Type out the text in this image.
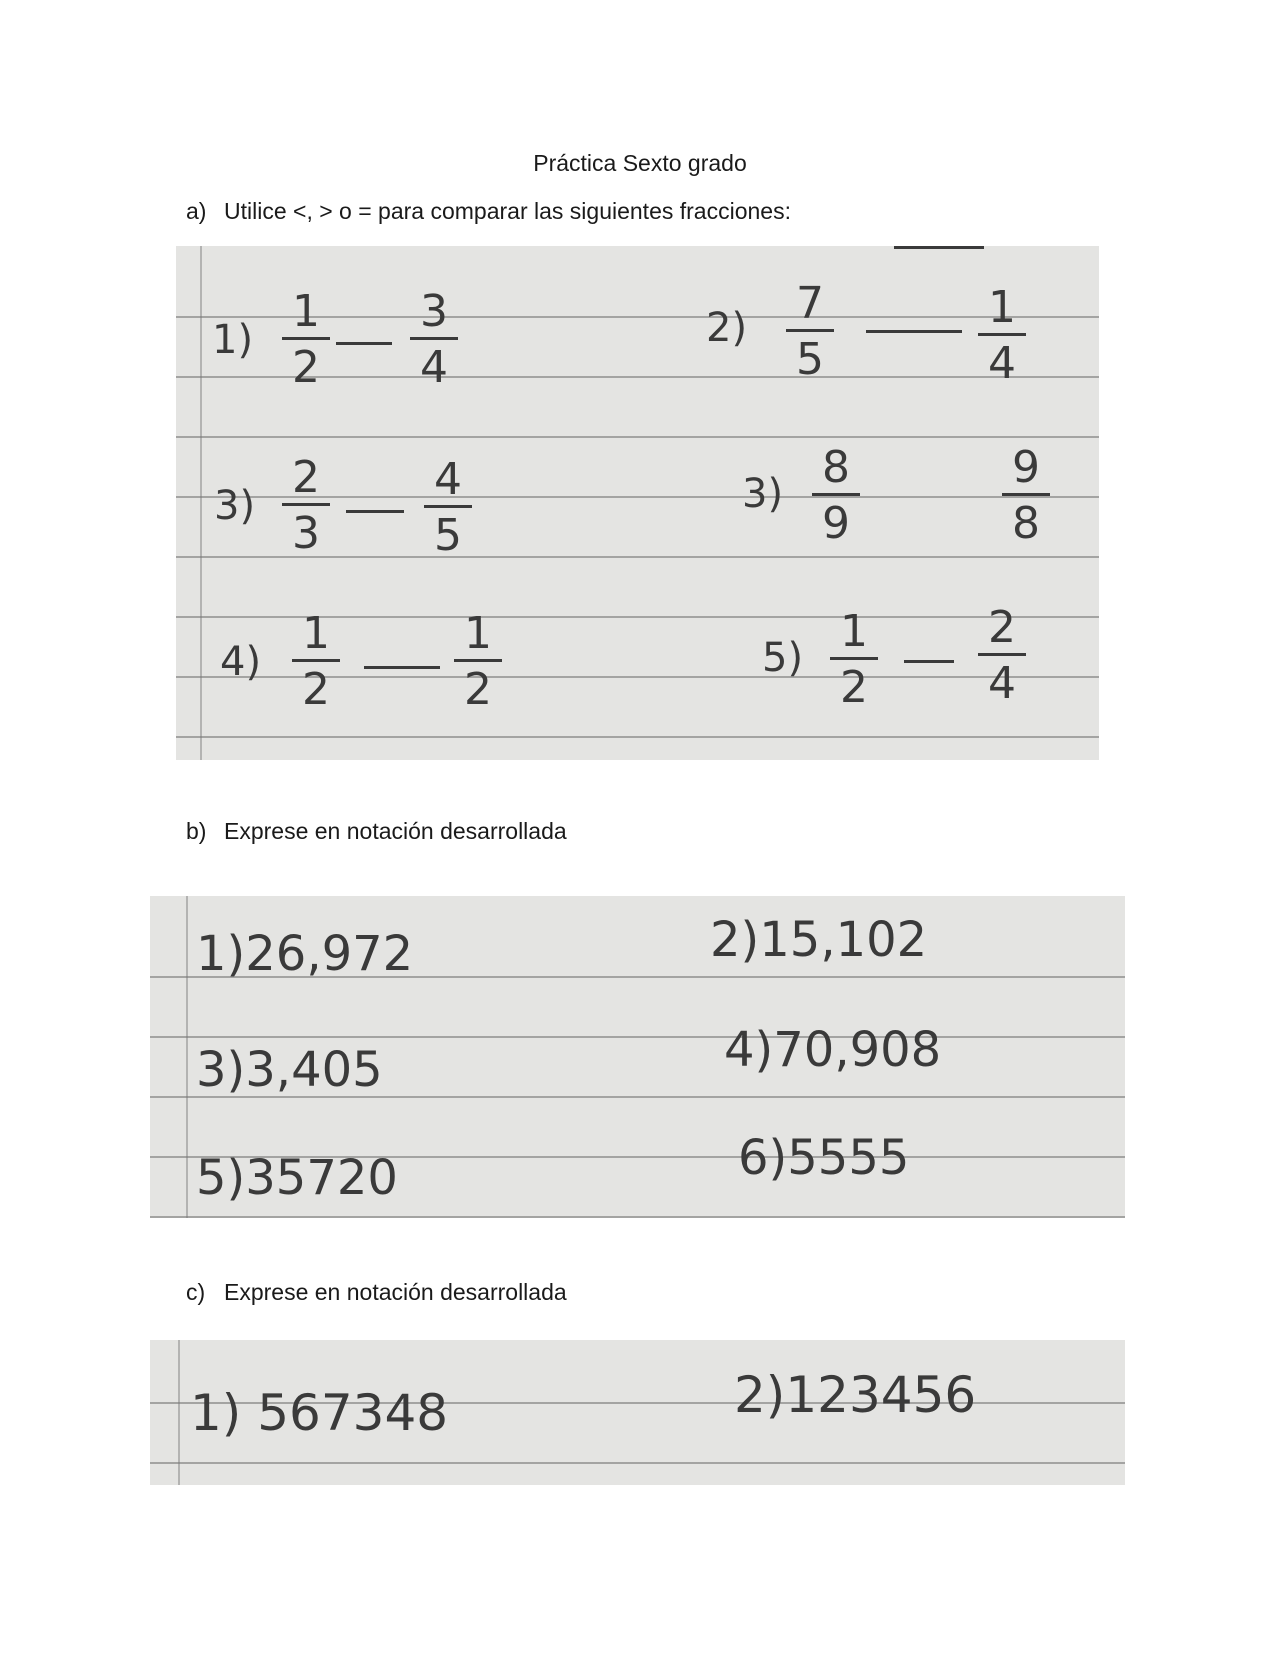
Práctica Sexto grado
a) Utilice <, > o = para comparar las siguientes fracciones:
1)
1
2
3
4
2)	7
5
1
4
3)
2
3
4
5
3)
8
9
9
8
4)
1
2
1
2
5)
1
2
2
4
b) Exprese en notación desarrollada
1)26,972	2)15,102
3)3,405	4)70,908
5)35720	6)5555
c) Exprese en notación desarrollada
1) 567348	2)123456
